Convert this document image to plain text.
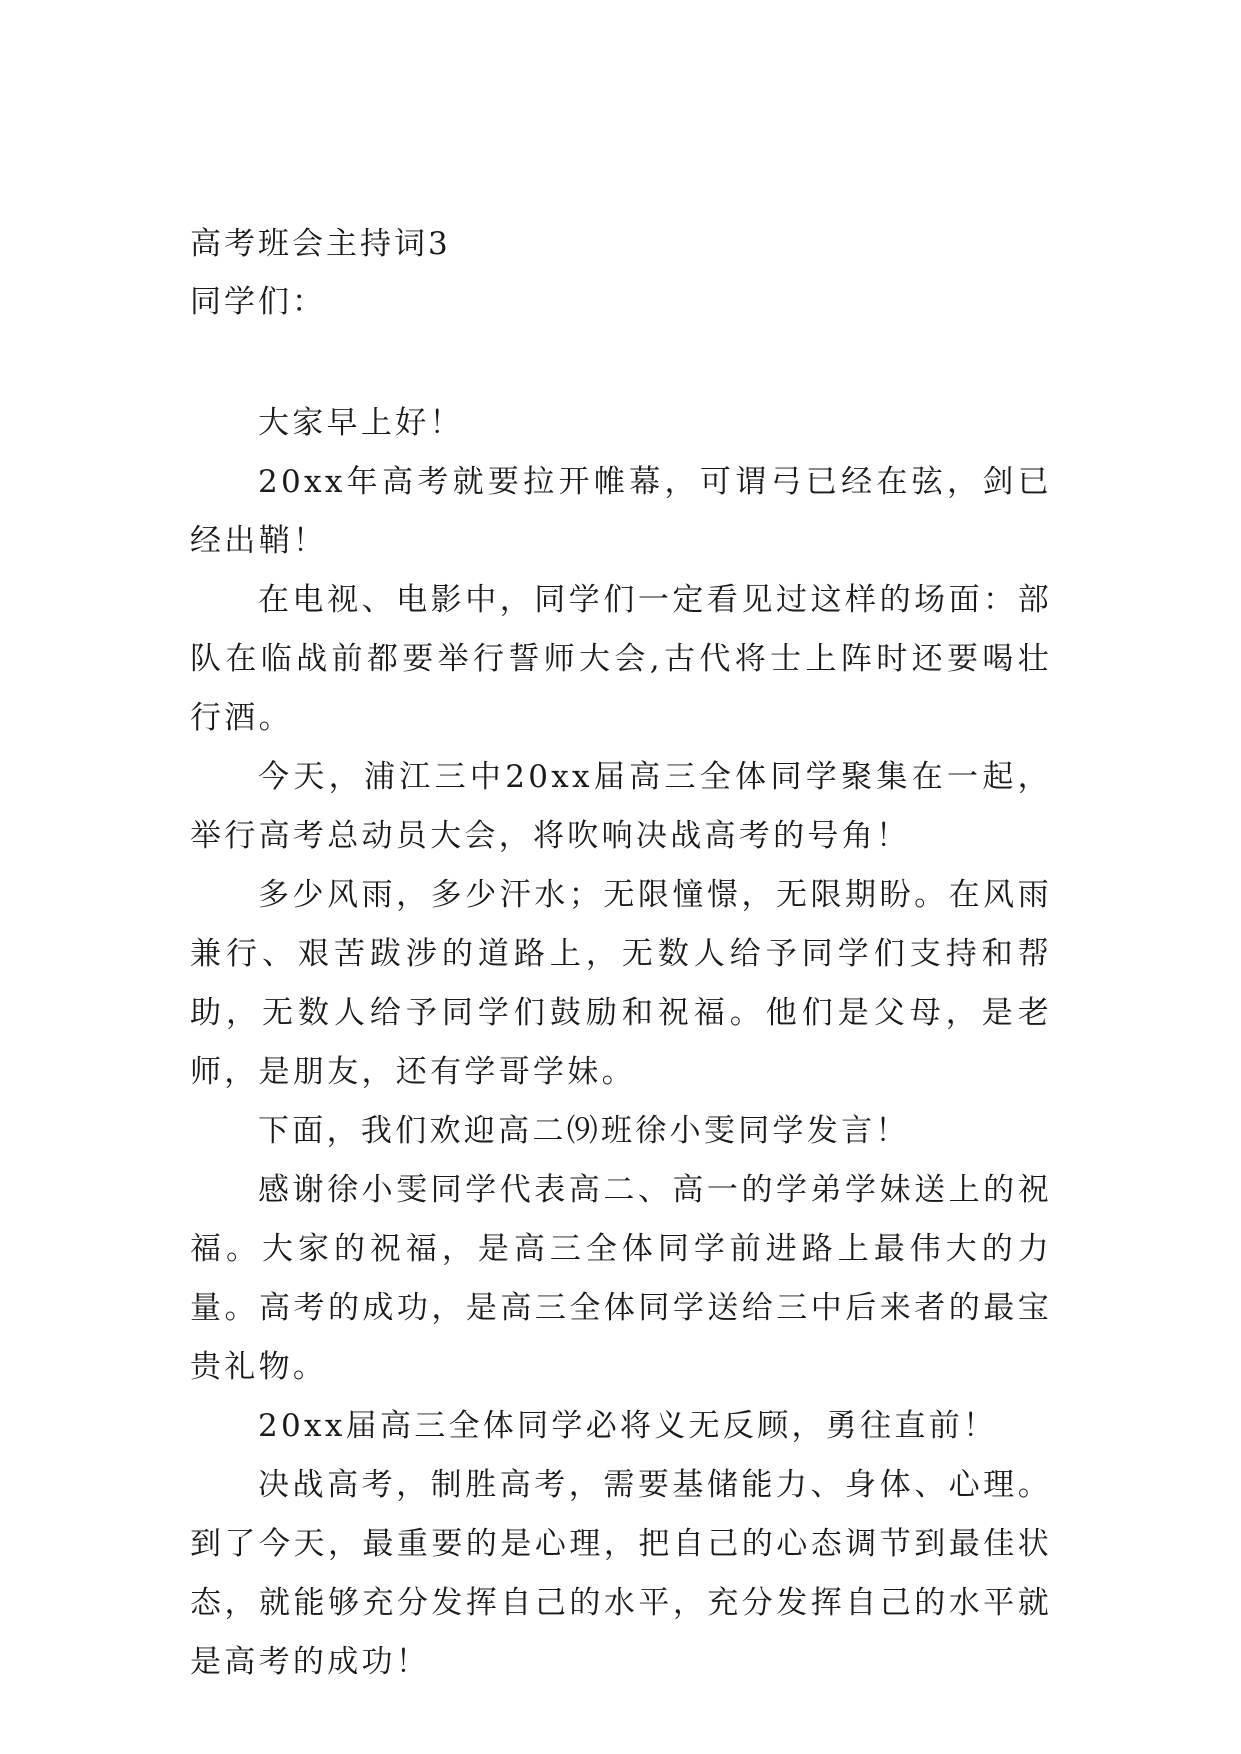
高考班会主持词3
同学们：

大家早上好！

20xx年高考就要拉开帷幕，可谓弓已经在弦，剑已经出鞘！

在电视、电影中，同学们一定看见过这样的场面：部队在临战前都要举行誓师大会,古代将士上阵时还要喝壮行酒。

今天，浦江三中20xx届高三全体同学聚集在一起，举行高考总动员大会，将吹响决战高考的号角！

多少风雨，多少汗水；无限憧憬，无限期盼。在风雨兼行、艰苦跋涉的道路上，无数人给予同学们支持和帮助，无数人给予同学们鼓励和祝福。他们是父母，是老师，是朋友，还有学哥学妹。

下面，我们欢迎高二⑼班徐小雯同学发言！

感谢徐小雯同学代表高二、高一的学弟学妹送上的祝福。大家的祝福，是高三全体同学前进路上最伟大的力量。高考的成功，是高三全体同学送给三中后来者的最宝贵礼物。

20xx届高三全体同学必将义无反顾，勇往直前！

决战高考，制胜高考，需要基储能力、身体、心理。到了今天，最重要的是心理，把自己的心态调节到最佳状态，就能够充分发挥自己的水平，充分发挥自己的水平就是高考的成功！
